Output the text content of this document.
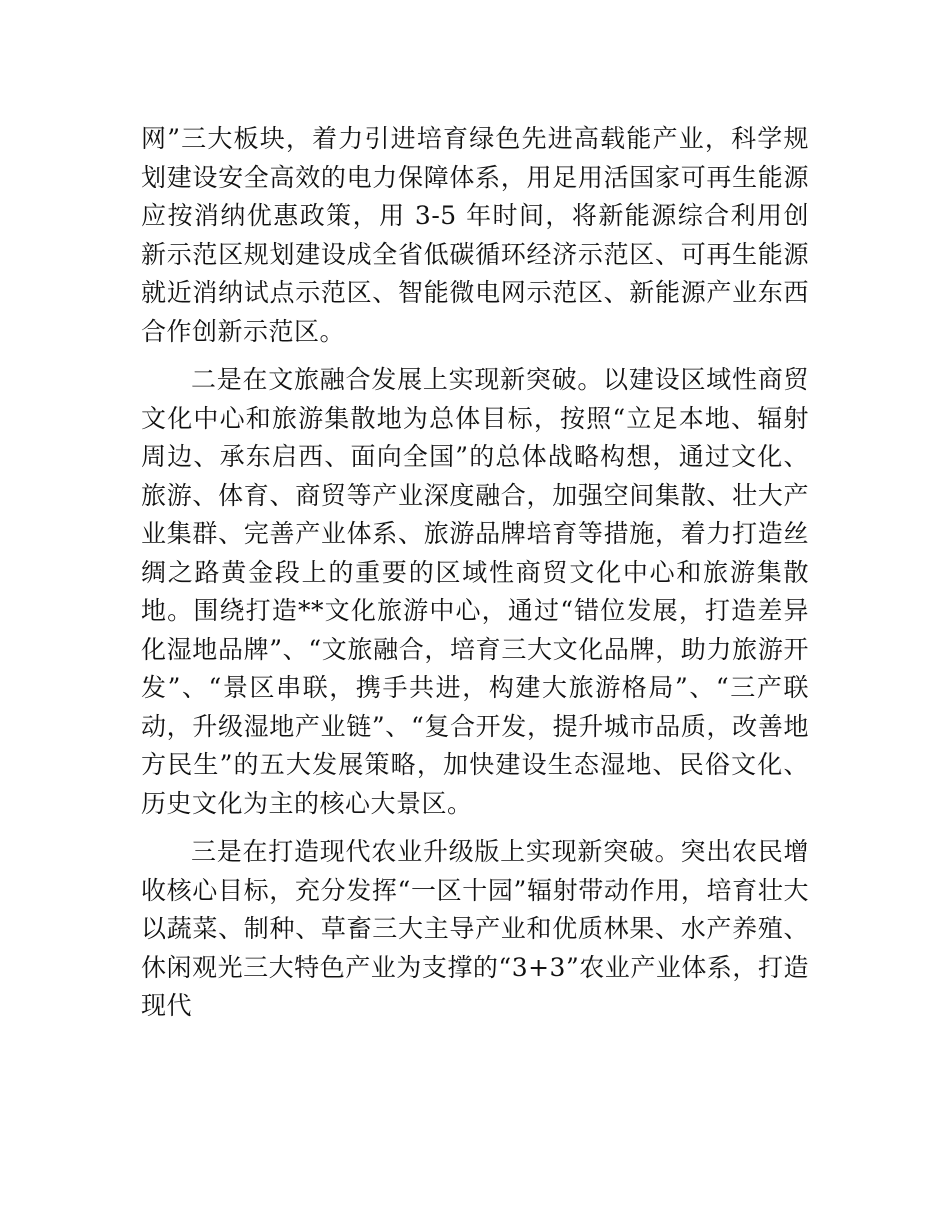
网”三大板块，着力引进培育绿色先进高载能产业，科学规划建设安全高效的电力保障体系，用足用活国家可再生能源应按消纳优惠政策，用 3-5 年时间，将新能源综合利用创新示范区规划建设成全省低碳循环经济示范区、可再生能源就近消纳试点示范区、智能微电网示范区、新能源产业东西合作创新示范区。

二是在文旅融合发展上实现新突破。以建设区域性商贸文化中心和旅游集散地为总体目标，按照“立足本地、辐射周边、承东启西、面向全国”的总体战略构想，通过文化、旅游、体育、商贸等产业深度融合，加强空间集散、壮大产业集群、完善产业体系、旅游品牌培育等措施，着力打造丝绸之路黄金段上的重要的区域性商贸文化中心和旅游集散地。围绕打造**文化旅游中心，通过“错位发展，打造差异化湿地品牌”、“文旅融合，培育三大文化品牌，助力旅游开发”、“景区串联，携手共进，构建大旅游格局”、“三产联动，升级湿地产业链”、“复合开发，提升城市品质，改善地方民生”的五大发展策略，加快建设生态湿地、民俗文化、历史文化为主的核心大景区。

三是在打造现代农业升级版上实现新突破。突出农民增收核心目标，充分发挥“一区十园”辐射带动作用，培育壮大以蔬菜、制种、草畜三大主导产业和优质林果、水产养殖、休闲观光三大特色产业为支撑的“3+3”农业产业体系，打造现代
